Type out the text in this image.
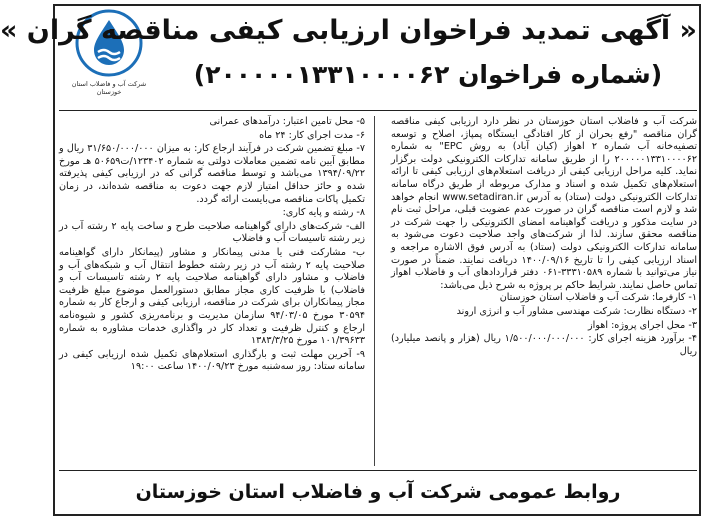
شرکت آب و فاضلاب استان خوزستان
« آگهی تمدید فراخوان ارزیابی کیفی مناقصه گران »
(شماره فراخوان ۲۰۰۰۰۰۱۳۳۱۰۰۰۰۶۲)

شرکت آب و فاضلاب استان خوزستان در نظر دارد ارزیابی کیفی مناقصه گران مناقصه "رفع بحران از کار افتادگی ایستگاه پمپاژ، اصلاح و توسعه تصفیه‌خانه آب شماره ۲ اهواز (کیان آباد) به روش EPC" به شماره ۲۰۰۰۰۰۱۳۳۱۰۰۰۰۶۲ را از طریق سامانه تدارکات الکترونیکی دولت برگزار نماید. کلیه مراحل ارزیابی کیفی از دریافت استعلام‌های ارزیابی کیفی تا ارائه استعلام‌های تکمیل شده و اسناد و مدارک مربوطه از طریق درگاه سامانه تدارکات الکترونیکی دولت (ستاد) به آدرس www.setadiran.ir انجام خواهد شد و لازم است مناقصه گران در صورت عدم عضویت قبلی، مراحل ثبت نام در سایت مذکور و دریافت گواهینامه امضای الکترونیکی را جهت شرکت در مناقصه محقق سازند. لذا از شرکت‌های واجد صلاحیت دعوت می‌شود به سامانه تدارکات الکترونیکی دولت (ستاد) به آدرس فوق الاشاره مراجعه و اسناد ارزیابی کیفی را تا تاریخ ۱۴۰۰/۰۹/۱۶ دریافت نمایند. ضمناً در صورت نیاز می‌توانید با شماره ۳۳۳۱۰۵۸۹-۰۶۱ دفتر قراردادهای آب و فاضلاب اهواز تماس حاصل نمایند. شرایط حاکم بر پروژه به شرح ذیل می‌باشد:

۱- کارفرما: شرکت آب و فاضلاب استان خوزستان

۲- دستگاه نظارت: شرکت مهندسی مشاور آب و انرژی اروند

۳- محل اجرای پروژه: اهواز

۴- برآورد هزینه اجرای کار: ۱/۵۰۰/۰۰۰/۰۰۰/۰۰۰ ریال (هزار و پانصد میلیارد) ریال

۵- محل تامین اعتبار: درآمدهای عمرانی

۶- مدت اجرای کار: ۲۴ ماه

۷- مبلغ تضمین شرکت در فرآیند ارجاع کار: به میزان ۳۱/۶۵۰/۰۰۰/۰۰۰ ریال و مطابق آیین نامه تضمین معاملات دولتی به شماره ۱۲۳۴۰۲/ت۵۰۶۵۹ هـ مورخ ۱۳۹۴/۰۹/۲۲ می‌باشد و توسط مناقصه گرانی که در ارزیابی کیفی پذیرفته شده و حائز حداقل امتیاز لازم جهت دعوت به مناقصه شده‌اند، در زمان تکمیل پاکات مناقصه می‌بایست ارائه گردد.

۸- رشته و پایه کاری:

الف- شرکت‌های دارای گواهینامه صلاحیت طرح و ساخت پایه ۲ رشته آب در زیر رشته تاسیسات آب و فاضلاب

ب- مشارکت فنی یا مدنی پیمانکار و مشاور (پیمانکار دارای گواهینامه صلاحیت پایه ۲ رشته آب در زیر رشته خطوط انتقال آب و شبکه‌های آب و فاضلاب و مشاور دارای گواهینامه صلاحیت پایه ۲ رشته تاسیسات آب و فاضلاب) با ظرفیت کاری مجاز مطابق دستورالعمل موضوع مبلغ ظرفیت مجاز پیمانکاران برای شرکت در مناقصه، ارزیابی کیفی و ارجاع کار به شماره ۳۰۵۹۴ مورخ ۹۴/۰۳/۰۵ سازمان مدیریت و برنامه‌ریزی کشور و شیوه‌نامه ارجاع و کنترل ظرفیت و تعداد کار در واگذاری خدمات مشاوره به شماره ۱۰۱/۳۹۶۳۳ مورخ ۱۳۸۳/۳/۲۵

۹- آخرین مهلت ثبت و بارگذاری استعلام‌های تکمیل شده ارزیابی کیفی در سامانه ستاد: روز سه‌شنبه مورخ ۱۴۰۰/۰۹/۲۳ ساعت ۱۹:۰۰

روابط عمومی شرکت آب و فاضلاب استان خوزستان
